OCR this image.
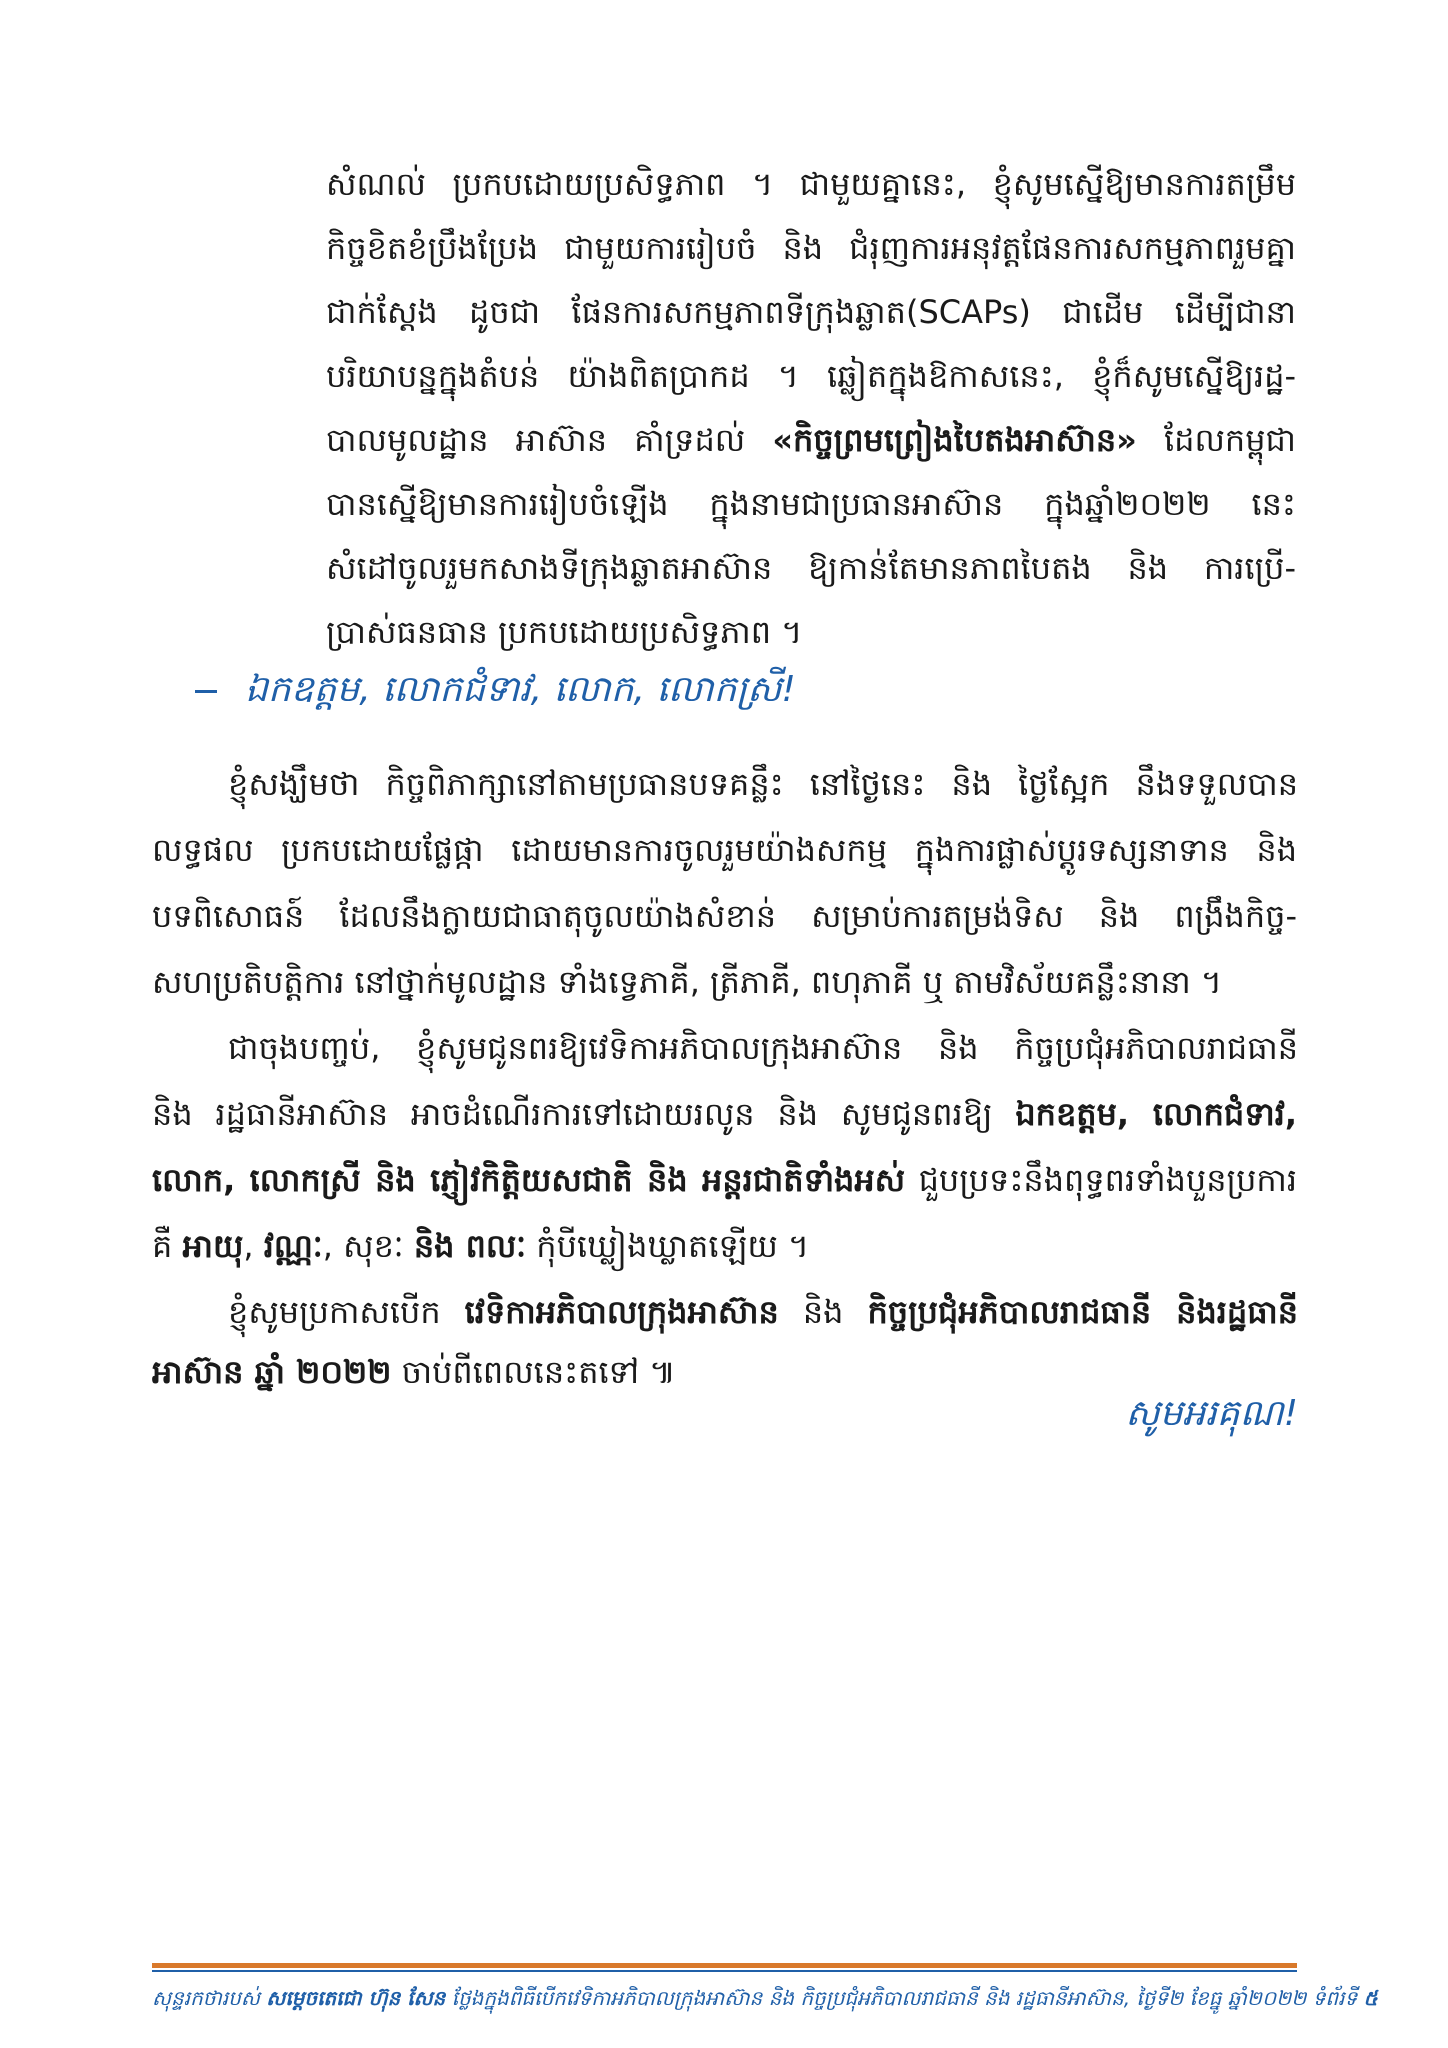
សំណល់ ប្រកបដោយប្រសិទ្ធភាព ។ ជាមួយគ្នានេះ, ខ្ញុំសូមស្នើឱ្យមានការតម្រឹម
កិច្ចខិតខំប្រឹងប្រែង ជាមួយការរៀបចំ និង ជំរុញការអនុវត្តផែនការសកម្មភាពរួមគ្នា
ជាក់ស្ដែង ដូចជា ផែនការសកម្មភាពទីក្រុងឆ្លាត(SCAPs) ជាដើម ដើម្បីជានា
បរិយាបន្នក្នុងតំបន់ យ៉ាងពិតប្រាកដ ។ ឆ្លៀតក្នុងឱកាសនេះ, ខ្ញុំក៏សូមស្នើឱ្យរដ្ឋ-
បាលមូលដ្ឋាន អាស៊ាន គាំទ្រដល់ «កិច្ចព្រមព្រៀងបៃតងអាស៊ាន» ដែលកម្ពុជា
បានស្នើឱ្យមានការរៀបចំឡើង ក្នុងនាមជាប្រធានអាស៊ាន ក្នុងឆ្នាំ២០២២ នេះ
សំដៅចូលរួមកសាងទីក្រុងឆ្លាតអាស៊ាន ឱ្យកាន់តែមានភាពបៃតង និង ការប្រើ-
ប្រាស់ធនធាន ប្រកបដោយប្រសិទ្ធភាព ។
ឯកឧត្តម, លោកជំទាវ, លោក, លោកស្រី!
ខ្ញុំសង្ឃឹមថា កិច្ចពិភាក្សានៅតាមប្រធានបទគន្លឹះ នៅថ្ងៃនេះ និង ថ្ងៃស្អែក នឹងទទួលបាន
លទ្ធផល ប្រកបដោយផ្លែផ្កា ដោយមានការចូលរួមយ៉ាងសកម្ម ក្នុងការផ្លាស់ប្តូរទស្សនាទាន និង
បទពិសោធន៍ ដែលនឹងក្លាយជាធាតុចូលយ៉ាងសំខាន់ សម្រាប់ការតម្រង់ទិស និង ពង្រឹងកិច្ច-
សហប្រតិបត្តិការ នៅថ្នាក់មូលដ្ឋាន ទាំងទ្វេភាគី, ត្រីភាគី, ពហុភាគី ឬ តាមវិស័យគន្លឹះនានា ។
ជាចុងបញ្ចប់, ខ្ញុំសូមជូនពរឱ្យវេទិកាអភិបាលក្រុងអាស៊ាន និង កិច្ចប្រជុំអភិបាលរាជធានី
និង រដ្ឋធានីអាស៊ាន អាចដំណើរការទៅដោយរលូន និង សូមជូនពរឱ្យ ឯកឧត្តម, លោកជំទាវ,
លោក, លោកស្រី និង ភ្ញៀវកិត្តិយសជាតិ និង អន្តរជាតិទាំងអស់ ជួបប្រទះនឹងពុទ្ធពរទាំងបួនប្រការ
គឺ អាយុ, វណ្ណៈ, សុខៈ និង ពលៈ កុំបីឃ្លៀងឃ្លាតឡើយ ។
ខ្ញុំសូមប្រកាសបើក វេទិកាអភិបាលក្រុងអាស៊ាន និង កិច្ចប្រជុំអភិបាលរាជធានី និងរដ្ឋធានី
អាស៊ាន ឆ្នាំ ២០២២ ចាប់ពីពេលនេះតទៅ ៕
សូមអរគុណ!
សុន្ទរកថារបស់ សម្តេចតេជោ ហ៊ុន សែន ថ្លែងក្នុងពិធីបើកវេទិកាអភិបាលក្រុងអាស៊ាន និង កិច្ចប្រជុំអភិបាលរាជធានី និង រដ្ឋធានីអាស៊ាន, ថ្ងៃទី២ ខែធ្នូ ឆ្នាំ២០២២ ទំព័រទី ៥
